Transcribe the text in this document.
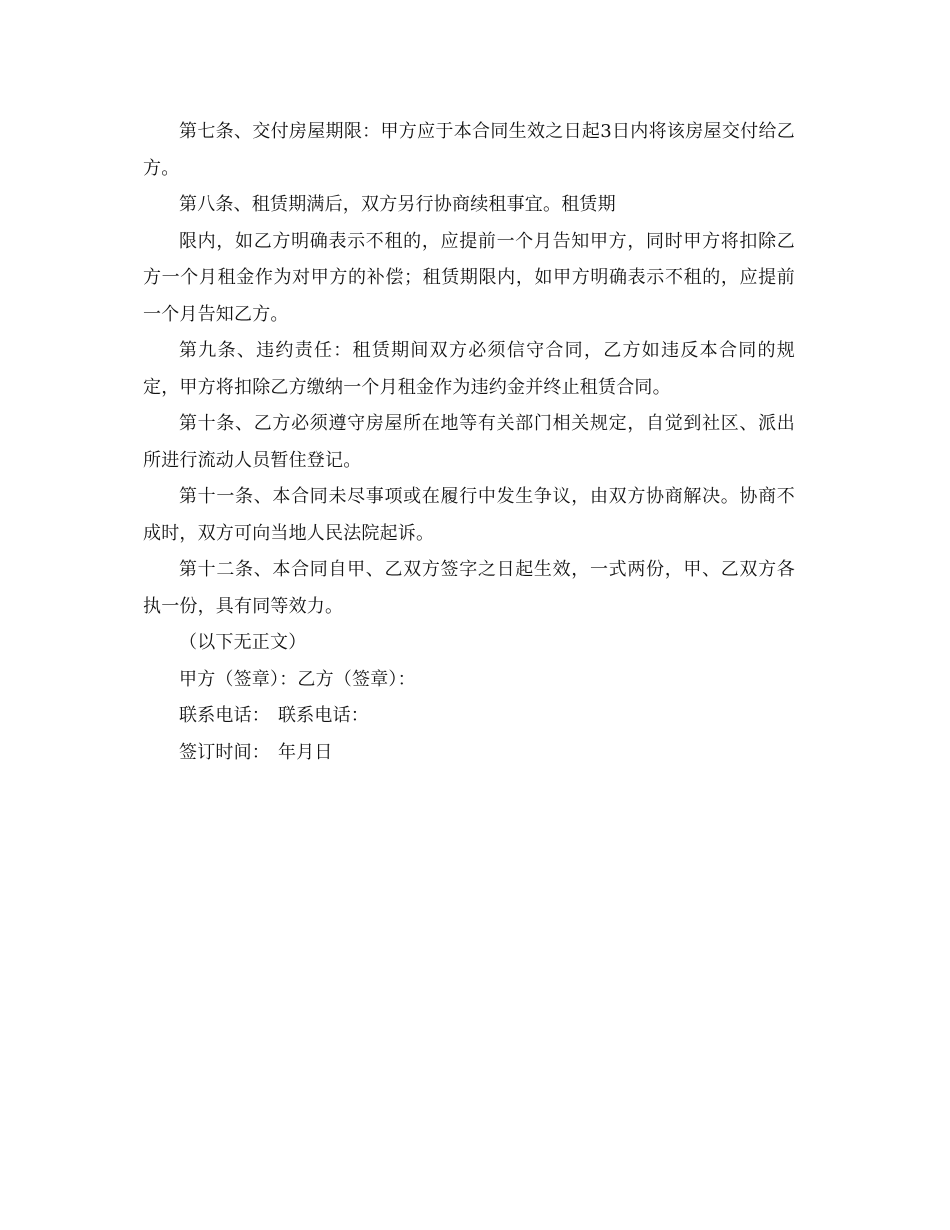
第七条、交付房屋期限：甲方应于本合同生效之日起3日内将该房屋交付给乙方。

第八条、租赁期满后，双方另行协商续租事宜。租赁期

限内，如乙方明确表示不租的，应提前一个月告知甲方，同时甲方将扣除乙方一个月租金作为对甲方的补偿；租赁期限内，如甲方明确表示不租的，应提前一个月告知乙方。

第九条、违约责任：租赁期间双方必须信守合同，乙方如违反本合同的规定，甲方将扣除乙方缴纳一个月租金作为违约金并终止租赁合同。

第十条、乙方必须遵守房屋所在地等有关部门相关规定，自觉到社区、派出所进行流动人员暂住登记。

第十一条、本合同未尽事项或在履行中发生争议，由双方协商解决。协商不成时，双方可向当地人民法院起诉。

第十二条、本合同自甲、乙双方签字之日起生效，一式两份，甲、乙双方各执一份，具有同等效力。

（以下无正文）

甲方（签章）：乙方（签章）：

联系电话： 联系电话：

签订时间： 年月日
